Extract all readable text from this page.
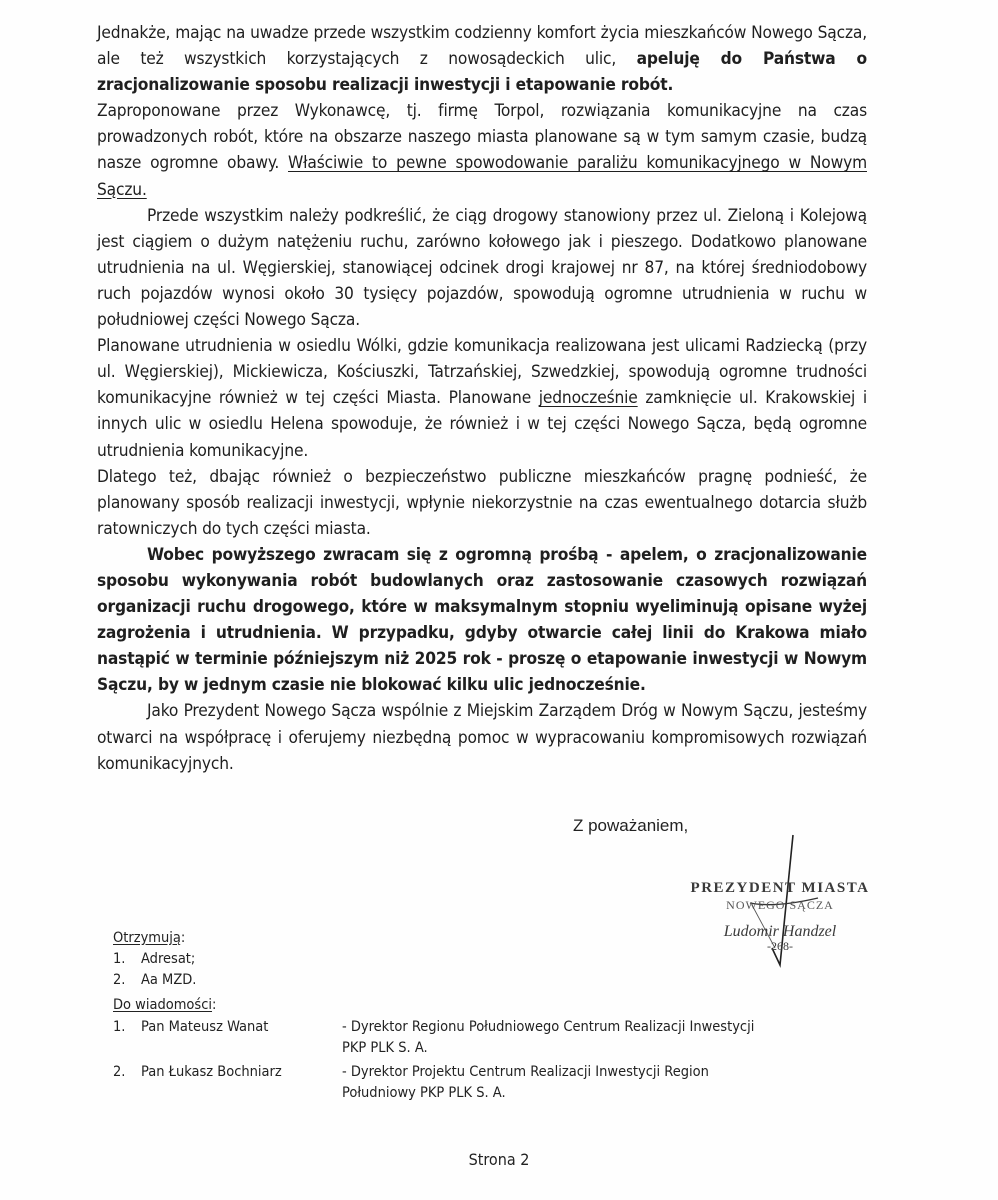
Jednakże, mając na uwadze przede wszystkim codzienny komfort życia mieszkańców Nowego Sącza, ale też wszystkich korzystających z nowosądeckich ulic, apeluję do Państwa o zracjonalizowanie sposobu realizacji inwestycji i etapowanie robót.

Zaproponowane przez Wykonawcę, tj. firmę Torpol, rozwiązania komunikacyjne na czas prowadzonych robót, które na obszarze naszego miasta planowane są w tym samym czasie, budzą nasze ogromne obawy. Właściwie to pewne spowodowanie paraliżu komunikacyjnego w Nowym Sączu.

Przede wszystkim należy podkreślić, że ciąg drogowy stanowiony przez ul. Zieloną i Kolejową jest ciągiem o dużym natężeniu ruchu, zarówno kołowego jak i pieszego. Dodatkowo planowane utrudnienia na ul. Węgierskiej, stanowiącej odcinek drogi krajowej nr 87, na której średniodobowy ruch pojazdów wynosi około 30 tysięcy pojazdów, spowodują ogromne utrudnienia w ruchu w południowej części Nowego Sącza.

Planowane utrudnienia w osiedlu Wólki, gdzie komunikacja realizowana jest ulicami Radziecką (przy ul. Węgierskiej), Mickiewicza, Kościuszki, Tatrzańskiej, Szwedzkiej, spowodują ogromne trudności komunikacyjne również w tej części Miasta. Planowane jednocześnie zamknięcie ul. Krakowskiej i innych ulic w osiedlu Helena spowoduje, że również i w tej części Nowego Sącza, będą ogromne utrudnienia komunikacyjne.

Dlatego też, dbając również o bezpieczeństwo publiczne mieszkańców pragnę podnieść, że planowany sposób realizacji inwestycji, wpłynie niekorzystnie na czas ewentualnego dotarcia służb ratowniczych do tych części miasta.

Wobec powyższego zwracam się z ogromną prośbą - apelem, o zracjonalizowanie sposobu wykonywania robót budowlanych oraz zastosowanie czasowych rozwiązań organizacji ruchu drogowego, które w maksymalnym stopniu wyeliminują opisane wyżej zagrożenia i utrudnienia. W przypadku, gdyby otwarcie całej linii do Krakowa miało nastąpić w terminie późniejszym niż 2025 rok - proszę o etapowanie inwestycji w Nowym Sączu, by w jednym czasie nie blokować kilku ulic jednocześnie.

Jako Prezydent Nowego Sącza wspólnie z Miejskim Zarządem Dróg w Nowym Sączu, jesteśmy otwarci na współpracę i oferujemy niezbędną pomoc w wypracowaniu kompromisowych rozwiązań komunikacyjnych.

Z poważaniem,
PREZYDENT MIASTA
NOWEGO SĄCZA
Ludomir Handzel
-268-
Otrzymują:
1.	Adresat;
2.	Aa MZD.
Do wiadomości:
1.	Pan Mateusz Wanat	- Dyrektor Regionu Południowego Centrum Realizacji Inwestycji PKP PLK S. A.
2.	Pan Łukasz Bochniarz	- Dyrektor Projektu Centrum Realizacji Inwestycji Region Południowy PKP PLK S. A.
Strona 2
